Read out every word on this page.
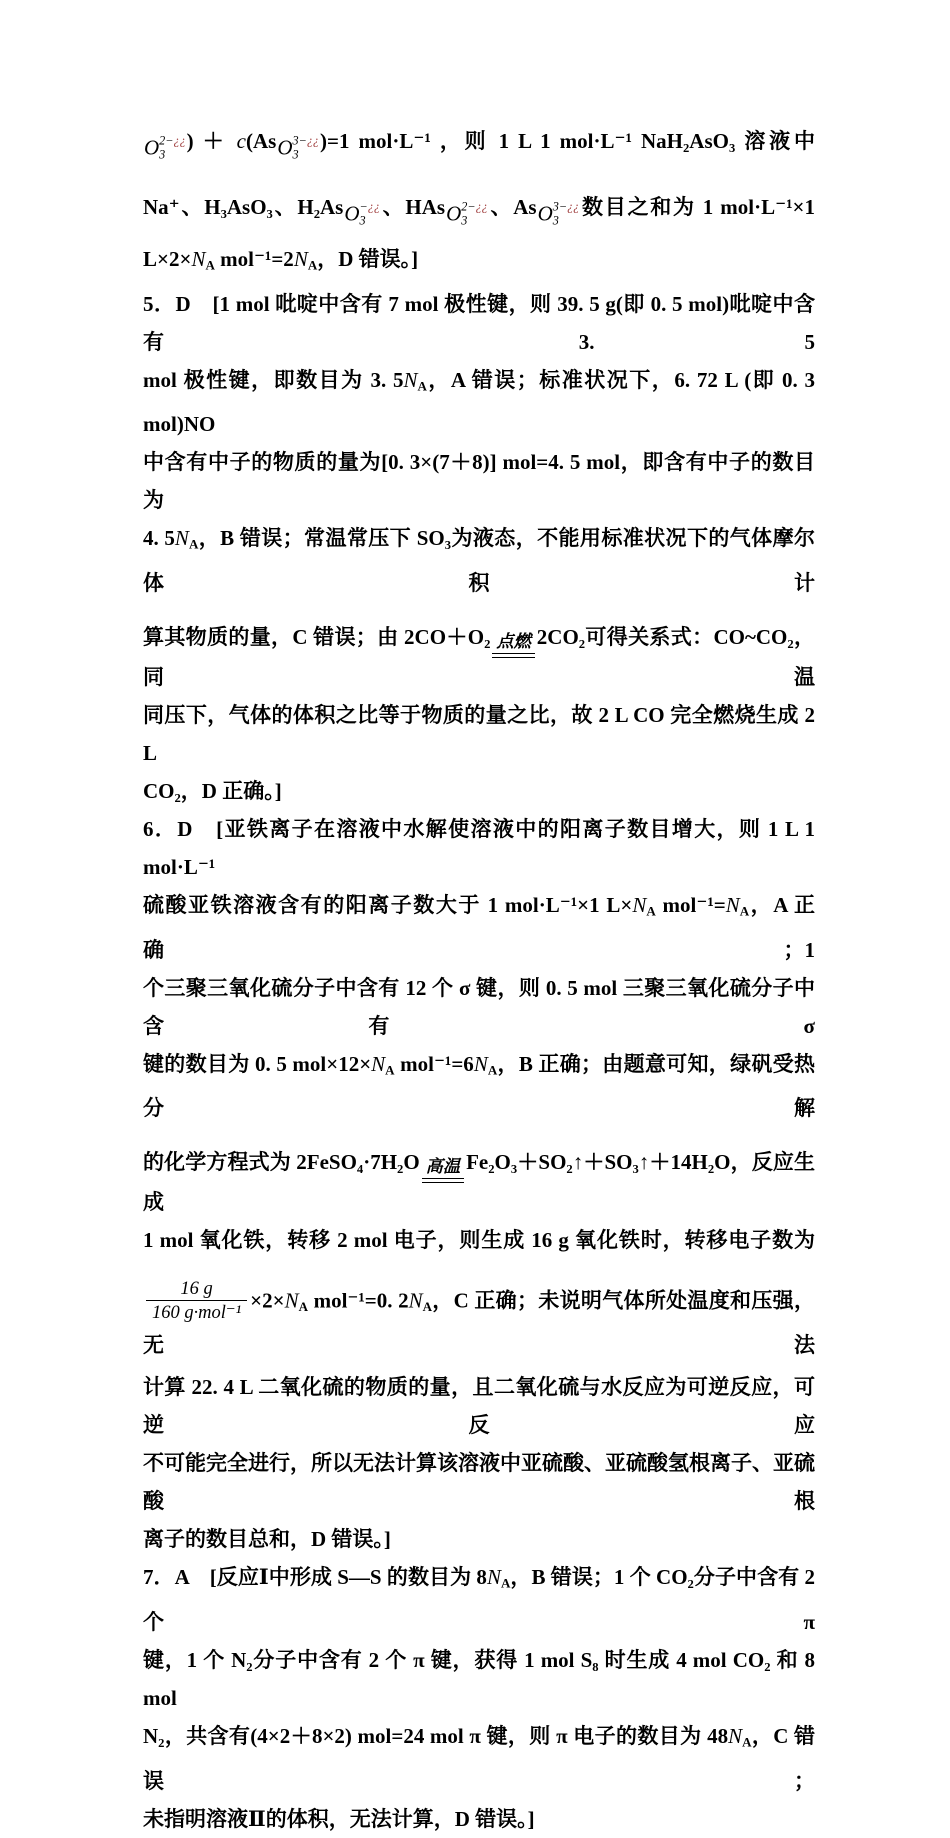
O 2−¿¿
3
) ＋ c(As O 3−¿¿
3
)=1 mol·L⁻¹ ，则 1 L 1 mol·L⁻¹ NaH₂AsO₃ 溶液中
Na⁺、H₃AsO₃、H₂As O −¿¿
3
、HAs O 2−¿¿
3
、As O 3−¿¿
3
数目之和为 1 mol·L⁻¹×1
L×2×NA mol⁻¹=2NA，D 错误。]
5．D　[1 mol 吡啶中含有 7 mol 极性键，则 39. 5 g(即 0. 5 mol)吡啶中含有 3. 5
mol 极性键，即数目为 3. 5NA，A 错误；标准状况下，6. 72 L (即 0. 3 mol)NO
中含有中子的物质的量为[0. 3×(7＋8)] mol=4. 5 mol，即含有中子的数目为
4. 5NA，B 错误；常温常压下 SO₃为液态，不能用标准状况下的气体摩尔体积计
算其物质的量，C 错误；由 2CO＋O₂ 点燃 2CO₂可得关系式：CO~CO₂，同温
同压下，气体的体积之比等于物质的量之比，故 2 L CO 完全燃烧生成 2 L
CO₂，D 正确。]
6．D　[亚铁离子在溶液中水解使溶液中的阳离子数目增大，则 1 L 1 mol·L⁻¹
硫酸亚铁溶液含有的阳离子数大于 1 mol·L⁻¹×1 L×NA mol⁻¹=NA，A 正确；1
个三聚三氧化硫分子中含有 12 个 σ 键，则 0. 5 mol 三聚三氧化硫分子中含有 σ
键的数目为 0. 5 mol×12×NA mol⁻¹=6NA，B 正确；由题意可知，绿矾受热分解
的化学方程式为 2FeSO₄·7H₂O 高温 Fe₂O₃＋SO₂↑＋SO₃↑＋14H₂O，反应生成
1 mol 氧化铁，转移 2 mol 电子，则生成 16 g 氧化铁时，转移电子数为
$\frac{16 g}{\text{160 g·mol⁻¹}} \times 2\times NA$ mol⁻¹=0. 2NA，C 正确；未说明气体所处温度和压强，无法
计算 22. 4 L 二氧化硫的物质的量，且二氧化硫与水反应为可逆反应，可逆反应
不可能完全进行，所以无法计算该溶液中亚硫酸、亚硫酸氢根离子、亚硫酸根
离子的数目总和，D 错误。]
7．A　[反应Ⅰ中形成 S—S 的数目为 8NA，B 错误；1 个 CO₂分子中含有 2 个 π
键，1 个 N₂分子中含有 2 个 π 键，获得 1 mol S₈ 时生成 4 mol CO₂ 和 8 mol
N₂，共含有(4×2＋8×2) mol=24 mol π 键，则 π 电子的数目为 48NA，C 错误；
未指明溶液Ⅱ的体积，无法计算，D 错误。]
